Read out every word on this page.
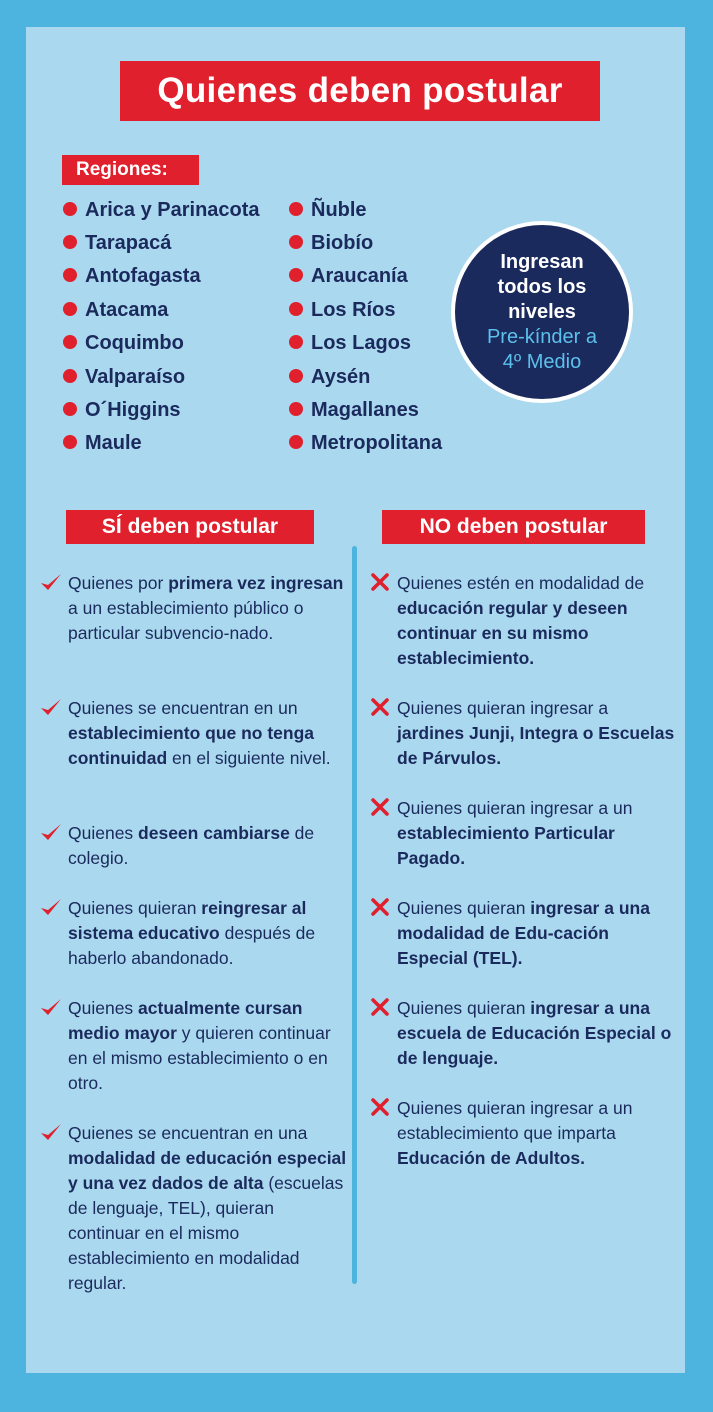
Quienes deben postular
Regiones:
Arica y Parinacota
Tarapacá
Antofagasta
Atacama
Coquimbo
Valparaíso
O´Higgins
Maule
Ñuble
Biobío
Araucanía
Los Ríos
Los Lagos
Aysén
Magallanes
Metropolitana
Ingresan
todos los
niveles
Pre-kínder a
4º Medio
SÍ deben postular	NO deben postular
Quienes por primera vez ingresan a un establecimiento público o particular subvencio-nado.
Quienes se encuentran en un establecimiento que no tenga continuidad en el siguiente nivel.
Quienes deseen cambiarse de colegio.
Quienes quieran reingresar al sistema educativo después de haberlo abandonado.
Quienes actualmente cursan medio mayor y quieren continuar en el mismo establecimiento o en otro.
Quienes se encuentran en una modalidad de educación especial y una vez dados de alta (escuelas de lenguaje, TEL), quieran continuar en el mismo establecimiento en modalidad regular.
Quienes estén en modalidad de educación regular y deseen continuar en su mismo establecimiento.
Quienes quieran ingresar a jardines Junji, Integra o Escuelas de Párvulos.
Quienes quieran ingresar a un establecimiento Particular Pagado.
Quienes quieran ingresar a una modalidad de Edu-cación Especial (TEL).
Quienes quieran ingresar a una escuela de Educación Especial o de lenguaje.
Quienes quieran ingresar a un establecimiento que imparta Educación de Adultos.
